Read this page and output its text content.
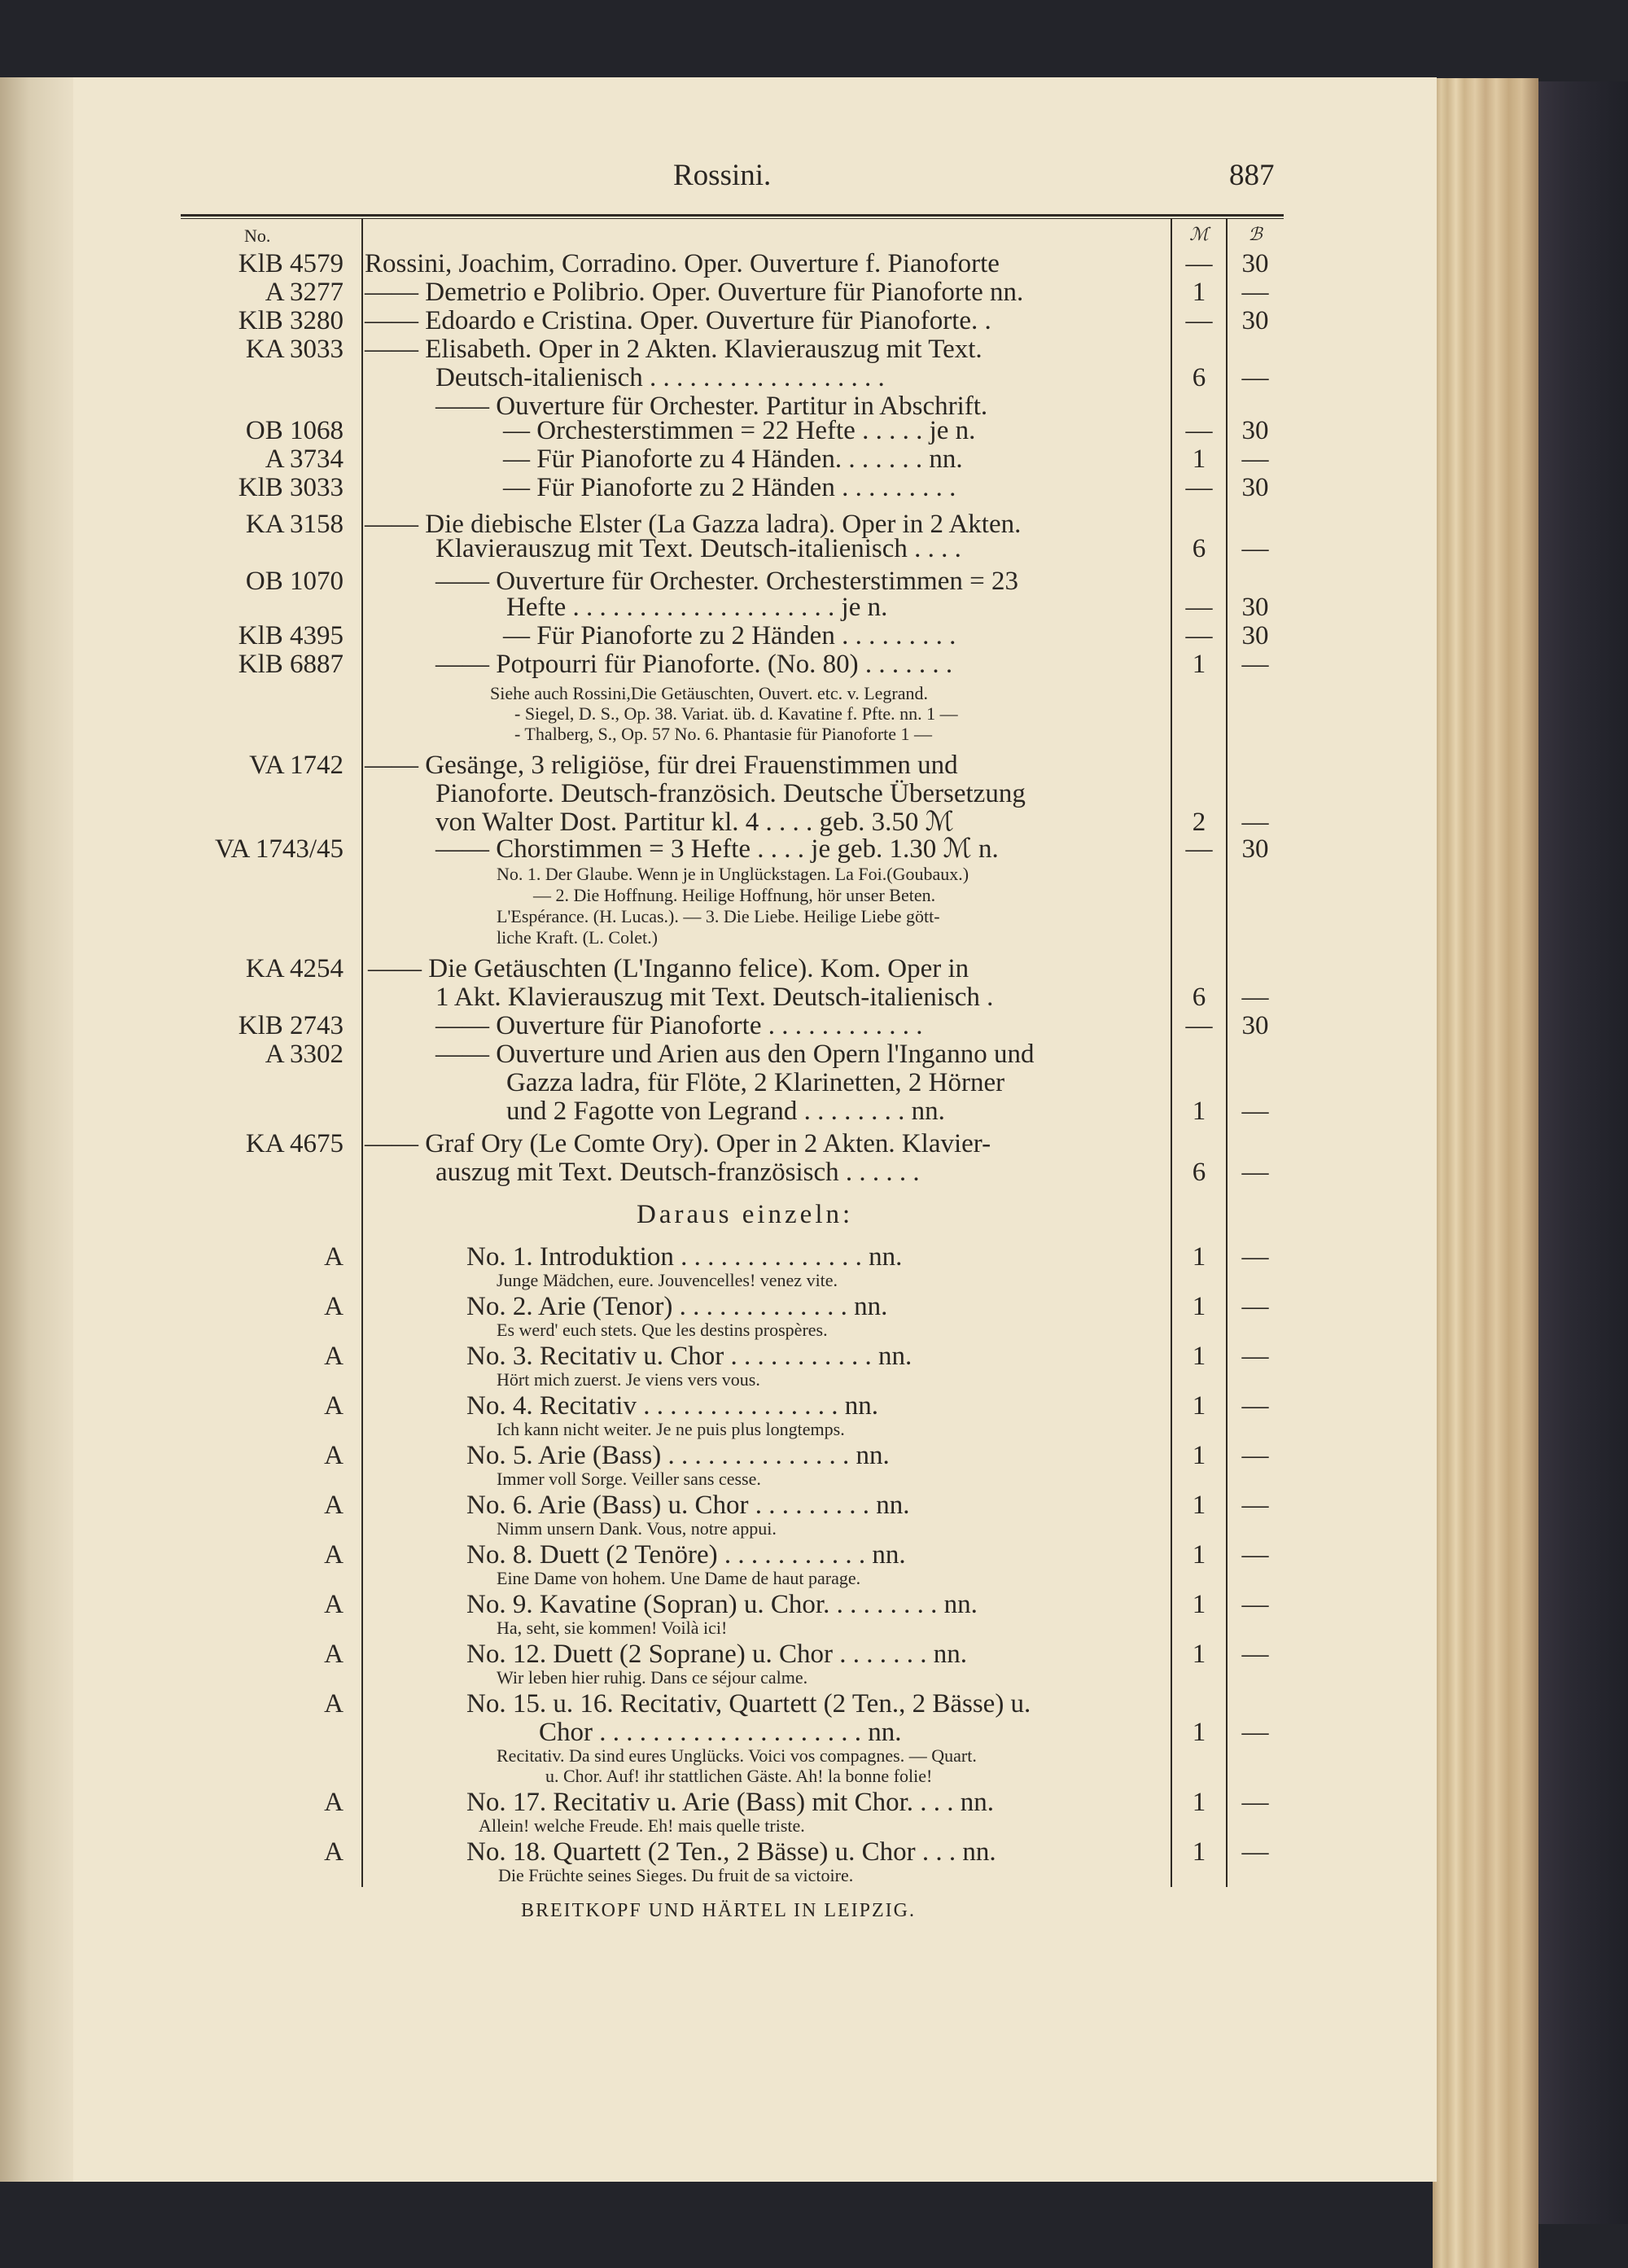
Rossini.	887
No.	ℳ	ℬ
KlB 4579 Rossini, Joachim, Corradino. Oper. Ouverture f. Pianoforte	—	30
A 3277 —— Demetrio e Polibrio. Oper. Ouverture für Pianoforte nn.	1	—
KlB 3280 —— Edoardo e Cristina. Oper. Ouverture für Pianoforte. .	—	30
KA 3033 —— Elisabeth. Oper in 2 Akten. Klavierauszug mit Text.
Deutsch-italienisch . . . . . . . . . . . . . . . . . .	6	—
—— Ouverture für Orchester. Partitur in Abschrift.
OB 1068	— Orchesterstimmen = 22 Hefte . . . . . je n.	—	30
A 3734	— Für Pianoforte zu 4 Händen. . . . . . . nn.	1	—
KlB 3033	— Für Pianoforte zu 2 Händen . . . . . . . . .	—	30
KA 3158 —— Die diebische Elster (La Gazza ladra). Oper in 2 Akten.
Klavierauszug mit Text. Deutsch-italienisch . . . .	6	—
OB 1070	—— Ouverture für Orchester. Orchesterstimmen = 23
Hefte . . . . . . . . . . . . . . . . . . . . je n.	—	30
KlB 4395	— Für Pianoforte zu 2 Händen . . . . . . . . .	—	30
KlB 6887	—— Potpourri für Pianoforte. (No. 80) . . . . . . .	1	—
Siehe auch Rossini,Die Getäuschten, Ouvert. etc. v. Legrand.
- Siegel, D. S., Op. 38. Variat. üb. d. Kavatine f. Pfte. nn. 1 —
- Thalberg, S., Op. 57 No. 6. Phantasie für Pianoforte 1 —
VA 1742 —— Gesänge, 3 religiöse, für drei Frauenstimmen und
Pianoforte. Deutsch-französich. Deutsche Übersetzung
von Walter Dost. Partitur kl. 4 . . . . geb. 3.50 ℳ	2	—
VA 1743/45	—— Chorstimmen = 3 Hefte . . . . je geb. 1.30 ℳ n.	—	30
No. 1. Der Glaube. Wenn je in Unglückstagen. La Foi.(Goubaux.)
— 2. Die Hoffnung. Heilige Hoffnung, hör unser Beten.
L'Espérance. (H. Lucas.). — 3. Die Liebe. Heilige Liebe gött-
liche Kraft. (L. Colet.)
KA 4254 —— Die Getäuschten (L'Inganno felice). Kom. Oper in
1 Akt. Klavierauszug mit Text. Deutsch-italienisch .	6	—
KlB 2743	—— Ouverture für Pianoforte . . . . . . . . . . . .	—	30
A 3302	—— Ouverture und Arien aus den Opern l'Inganno und
Gazza ladra, für Flöte, 2 Klarinetten, 2 Hörner
und 2 Fagotte von Legrand . . . . . . . . nn.	1	—
KA 4675 —— Graf Ory (Le Comte Ory). Oper in 2 Akten. Klavier-
auszug mit Text. Deutsch-französisch . . . . . .	6	—
Daraus einzeln:
A	No. 1. Introduktion . . . . . . . . . . . . . . nn.	1	—
Junge Mädchen, eure. Jouvencelles! venez vite.
A	No. 2. Arie (Tenor) . . . . . . . . . . . . . nn.	1	—
Es werd' euch stets. Que les destins prospères.
A	No. 3. Recitativ u. Chor . . . . . . . . . . . nn.	1	—
Hört mich zuerst. Je viens vers vous.
A	No. 4. Recitativ . . . . . . . . . . . . . . . nn.	1	—
Ich kann nicht weiter. Je ne puis plus longtemps.
A	No. 5. Arie (Bass) . . . . . . . . . . . . . . nn.	1	—
Immer voll Sorge. Veiller sans cesse.
A	No. 6. Arie (Bass) u. Chor . . . . . . . . . nn.	1	—
Nimm unsern Dank. Vous, notre appui.
A	No. 8. Duett (2 Tenöre) . . . . . . . . . . . nn.	1	—
Eine Dame von hohem. Une Dame de haut parage.
A	No. 9. Kavatine (Sopran) u. Chor. . . . . . . . . nn.	1	—
Ha, seht, sie kommen! Voilà ici!
A	No. 12. Duett (2 Soprane) u. Chor . . . . . . . nn.	1	—
Wir leben hier ruhig. Dans ce séjour calme.
A	No. 15. u. 16. Recitativ, Quartett (2 Ten., 2 Bässe) u.
Chor . . . . . . . . . . . . . . . . . . . . nn.	1	—
Recitativ. Da sind eures Unglücks. Voici vos compagnes. — Quart.
u. Chor. Auf! ihr stattlichen Gäste. Ah! la bonne folie!
A	No. 17. Recitativ u. Arie (Bass) mit Chor. . . . nn.	1	—
Allein! welche Freude. Eh! mais quelle triste.
A	No. 18. Quartett (2 Ten., 2 Bässe) u. Chor . . . nn.	1	—
Die Früchte seines Sieges. Du fruit de sa victoire.
BREITKOPF UND HÄRTEL IN LEIPZIG.
